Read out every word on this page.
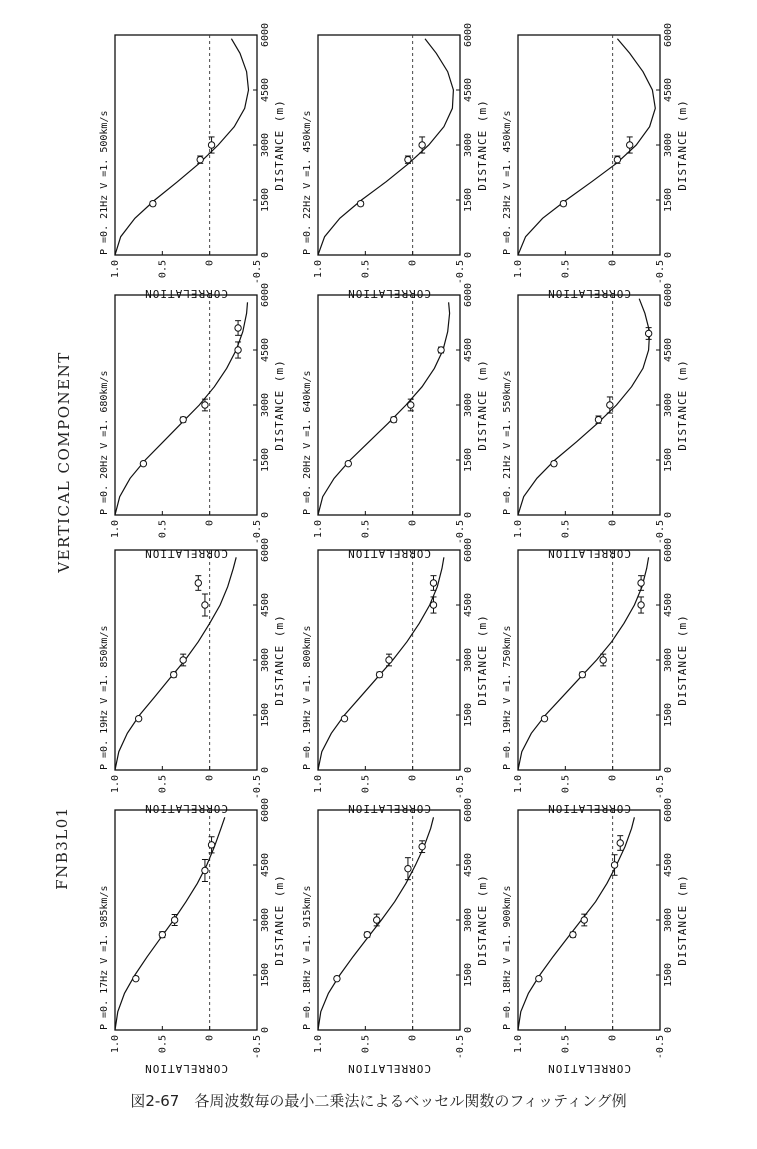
1.0	0.5	0	-0.5
0
1500
3000
4500
6000
DISTANCE (m)
CORRELATION
P =0. 17Hz V =1. 985km/s
1.0	0.5	0	-0.5
0
1500
3000
4500
6000
DISTANCE (m)
CORRELATION
P =0. 18Hz V =1. 915km/s
1.0	0.5	0	-0.5
0
1500
3000
4500
6000
DISTANCE (m)
CORRELATION
P =0. 18Hz V =1. 900km/s
1.0	0.5	0	-0.5
0
1500
3000
4500
6000
DISTANCE (m)
CORRELATION
P =0. 19Hz V =1. 850km/s
1.0	0.5	0	-0.5
0
1500
3000
4500
6000
DISTANCE (m)
CORRELATION
P =0. 19Hz V =1. 800km/s
1.0	0.5	0	-0.5
0
1500
3000
4500
6000
DISTANCE (m)
CORRELATION
P =0. 19Hz V =1. 750km/s
1.0	0.5	0	-0.5
0
1500
3000
4500
6000
DISTANCE (m)
CORRELATION
P =0. 20Hz V =1. 680km/s
1.0	0.5	0	-0.5
0
1500
3000
4500
6000
DISTANCE (m)
CORRELATION
P =0. 20Hz V =1. 640km/s
1.0	0.5	0	-0.5
0
1500
3000
4500
6000
DISTANCE (m)
CORRELATION
P =0. 21Hz V =1. 550km/s
1.0	0.5	0	-0.5
0
1500
3000
4500
6000
DISTANCE (m)
CORRELATION
P =0. 21Hz V =1. 500km/s
1.0	0.5	0	-0.5
0
1500
3000
4500
6000
DISTANCE (m)
CORRELATION
P =0. 22Hz V =1. 450km/s
1.0	0.5	0	-0.5
0
1500
3000
4500
6000
DISTANCE (m)
CORRELATION
P =0. 23Hz V =1. 450km/s
FNB3L01
VERTICAL COMPONENT
図2-67　各周波数毎の最小二乗法によるベッセル関数のフィッティング例
